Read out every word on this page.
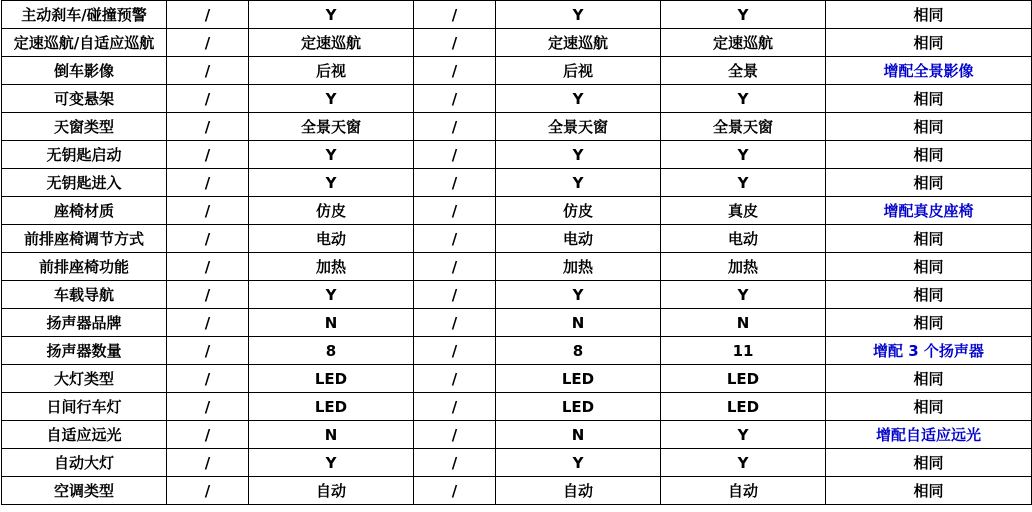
主动刹车/碰撞预警	/	Y	/	Y	Y	相同
定速巡航/自适应巡航	/	定速巡航	/	定速巡航	定速巡航	相同
倒车影像	/	后视	/	后视	全景	增配全景影像
可变悬架	/	Y	/	Y	Y	相同
天窗类型	/	全景天窗	/	全景天窗	全景天窗	相同
无钥匙启动	/	Y	/	Y	Y	相同
无钥匙进入	/	Y	/	Y	Y	相同
座椅材质	/	仿皮	/	仿皮	真皮	增配真皮座椅
前排座椅调节方式	/	电动	/	电动	电动	相同
前排座椅功能	/	加热	/	加热	加热	相同
车载导航	/	Y	/	Y	Y	相同
扬声器品牌	/	N	/	N	N	相同
扬声器数量	/	8	/	8	11	增配 3 个扬声器
大灯类型	/	LED	/	LED	LED	相同
日间行车灯	/	LED	/	LED	LED	相同
自适应远光	/	N	/	N	Y	增配自适应远光
自动大灯	/	Y	/	Y	Y	相同
空调类型	/	自动	/	自动	自动	相同
